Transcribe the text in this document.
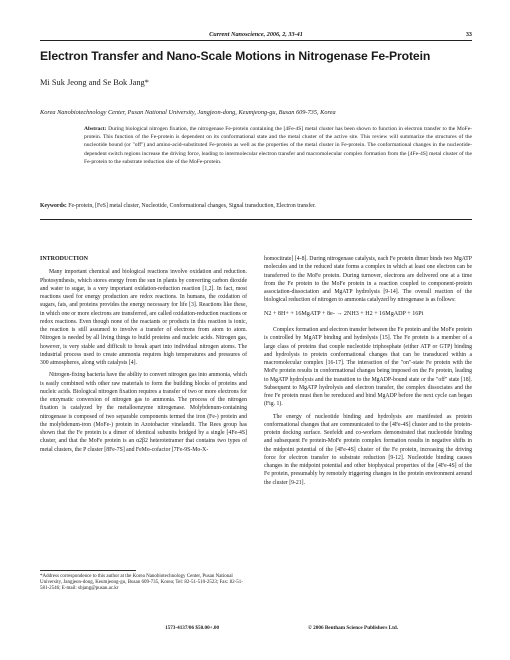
Current Nanoscience, 2006, 2, 33-41	33
Electron Transfer and Nano-Scale Motions in Nitrogenase Fe-Protein
Mi Suk Jeong and Se Bok Jang*
Korea Nanobiotechnology Center, Pusan National University, Jangjeon-dong, Keumjeong-gu, Busan 609-735, Korea
Abstract: During biological nitrogen fixation, the nitrogenase Fe-protein containing the [4Fe-4S] metal cluster has been shown to function in electron transfer to the MoFe-protein. This function of the Fe-protein is dependent on its conformational state and the metal cluster of the active site. This review will summarize the structures of the nucleotide bound (or "off") and amino-acid-substituted Fe-protein as well as the properties of the metal cluster in Fe-protein. The conformational changes in the nucleotide-dependent switch regions increase the driving force, leading to intermolecular electron transfer and macromolecular complex formation from the [4Fe-4S] metal cluster of the Fe-protein to the substrate reduction site of the MoFe-protein.
Keywords: Fe-protein, [FeS] metal cluster, Nucleotide, Conformational changes, Signal transduction, Electron transfer.
INTRODUCTION

Many important chemical and biological reactions involve oxidation and reduction. Photosynthesis, which stores energy from the sun in plants by converting carbon dioxide and water to sugar, is a very important oxidation-reduction reaction [1,2]. In fact, most reactions used for energy production are redox reactions. In humans, the oxidation of sugars, fats, and proteins provides the energy necessary for life [3]. Reactions like these, in which one or more electrons are transferred, are called oxidation-reduction reactions or redox reactions. Even though none of the reactants or products in this reaction is ionic, the reaction is still assumed to involve a transfer of electrons from atom to atom. Nitrogen is needed by all living things to build proteins and nucleic acids. Nitrogen gas, however, is very stable and difficult to break apart into individual nitrogen atoms. The industrial process used to create ammonia requires high temperatures and pressures of 300 atmospheres, along with catalysts [4].

Nitrogen-fixing bacteria have the ability to convert nitrogen gas into ammonia, which is easily combined with other raw materials to form the building blocks of proteins and nucleic acids. Biological nitrogen fixation requires a transfer of two or more electrons for the enzymatic conversion of nitrogen gas to ammonia. The process of the nitrogen fixation is catalyzed by the metalloenzyme nitrogenase. Molybdenum-containing nitrogenase is composed of two separable components termed the iron (Fe-) protein and the molybdenum-iron (MoFe-) protein in Azotobacter vinelandii. The Rees group has shown that the Fe protein is a dimer of identical subunits bridged by a single [4Fe-4S] cluster, and that the MoFe protein is an α2β2 heterotetramer that contains two types of metal clusters, the P cluster [8Fe-7S] and FeMo-cofactor [7Fe-9S-Mo-X-

*Address correspondence to this author at the Korea Nanobiotechnology Center, Pusan National University, Jangjeon-dong, Keumjeong-gu, Busan 609-735, Korea; Tel: 82-51-510-2523; Fax: 82-51-581-2546; E-mail: sbjang@pusan.ac.kr

homocitrate] [4-8]. During nitrogenase catalysis, each Fe protein dimer binds two MgATP molecules and in the reduced state forms a complex in which at least one electron can be transferred to the MoFe protein. During turnover, electrons are delivered one at a time from the Fe protein to the MoFe protein in a reaction coupled to component-protein association-dissociation and MgATP hydrolysis [9-14]. The overall reaction of the biological reduction of nitrogen to ammonia catalyzed by nitrogenase is as follows:

N2 + 8H+ + 16MgATP + 8e- → 2NH3 + H2 + 16MgADP + 16Pi

Complex formation and electron transfer between the Fe protein and the MoFe protein is controlled by MgATP binding and hydrolysis [15]. The Fe protein is a member of a large class of proteins that couple nucleotide triphosphate (either ATP or GTP) binding and hydrolysis to protein conformational changes that can be transduced within a macromolecular complex [16-17]. The interaction of the "on"-state Fe protein with the MoFe protein results in conformational changes being imposed on the Fe protein, leading to MgATP hydrolysis and the transition to the MgADP-bound state or the "off" state [18]. Subsequent to MgATP hydrolysis and electron transfer, the complex dissociates and the free Fe protein must then be rereduced and bind MgADP before the next cycle can began (Fig. 1).

The energy of nucleotide binding and hydrolysis are manifested as protein conformational changes that are communicated to the [4Fe-4S] cluster and to the protein-protein docking surface. Seefeldt and co-workers demonstrated that nucleotide binding and subsequent Fe protein-MoFe protein complex formation results in negative shifts in the midpoint potential of the [4Fe-4S] cluster of the Fe protein, increasing the driving force for electron transfer to substrate reduction [9-12]. Nucleotide binding causes changes in the midpoint potential and other biophysical properties of the [4Fe-4S] of the Fe protein, presumably by remotely triggering changes in the protein environment around the cluster [9-21].

1573-4137/06 $50.00+.00	© 2006 Bentham Science Publishers Ltd.
